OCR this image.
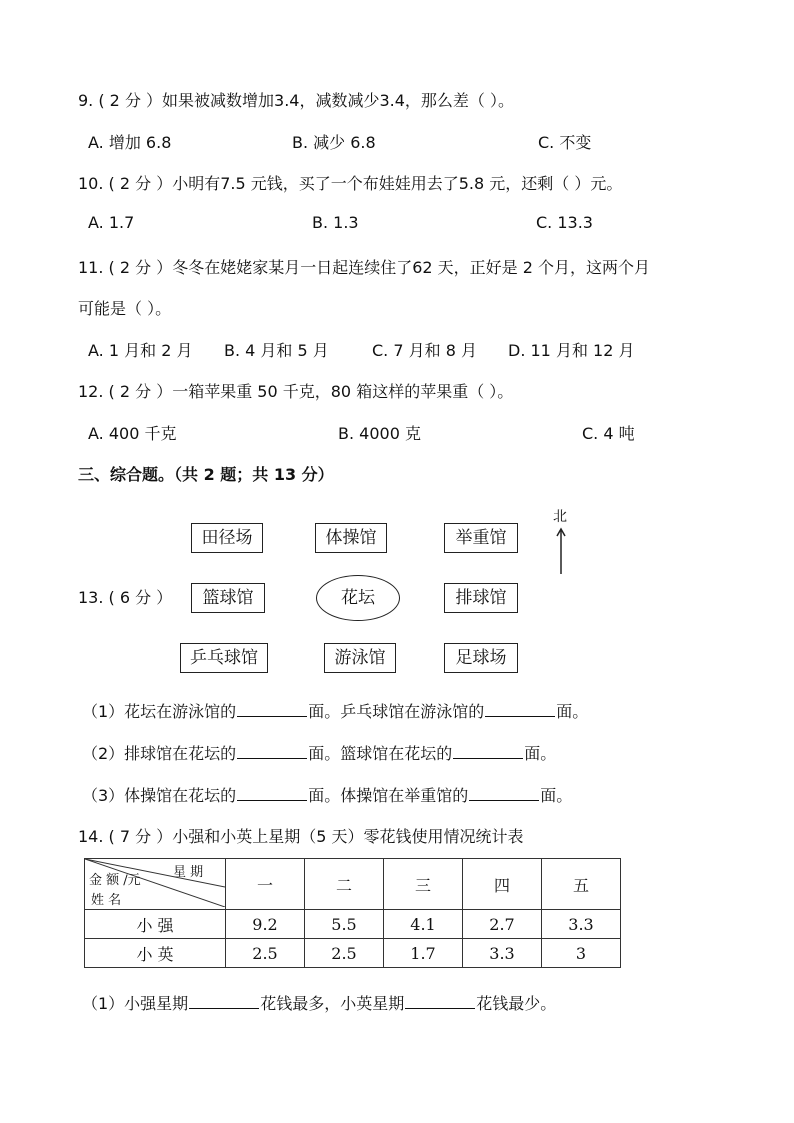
9. ( 2 分 ）如果被减数增加3.4，减数减少3.4，那么差（ ）。
A. 增加 6.8	B. 减少 6.8	C. 不变
10. ( 2 分 ）小明有7.5 元钱，买了一个布娃娃用去了5.8 元，还剩（ ）元。
A. 1.7	B. 1.3	C. 13.3
11. ( 2 分 ）冬冬在姥姥家某月一日起连续住了62 天，正好是 2 个月，这两个月
可能是（ ）。
A. 1 月和 2 月 B. 4 月和 5 月	C. 7 月和 8 月 D. 11 月和 12 月
12. ( 2 分 ）一箱苹果重 50 千克，80 箱这样的苹果重（ ）。
A. 400 千克	B. 4000 克	C. 4 吨
三、综合题。（共 2 题；共 13 分）
13. ( 6 分 ）
田径场	体操馆	举重馆
篮球馆	花坛	排球馆
乒乓球馆	游泳馆	足球场
北
（1）花坛在游泳馆的	面。乒乓球馆在游泳馆的	面。
（2）排球馆在花坛的	面。篮球馆在花坛的	面。
（3）体操馆在花坛的	面。体操馆在举重馆的	面。
14. ( 7 分 ）小强和小英上星期（5 天）零花钱使用情况统计表
星 期
金 额 /元
姓 名	一	二	三	四	五
小 强	9.2	5.5	4.1	2.7	3.3
小 英	2.5	2.5	1.7	3.3	3
（1）小强星期	花钱最多，小英星期	花钱最少。
